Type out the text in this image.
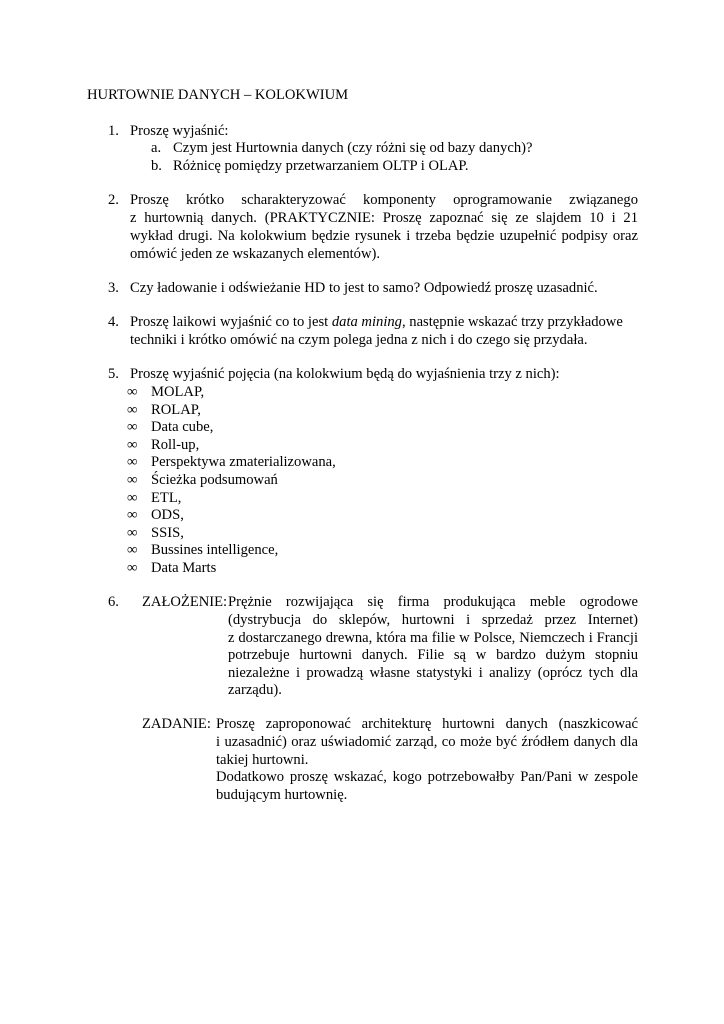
HURTOWNIE DANYCH – KOLOKWIUM
1. Proszę wyjaśnić:
a. Czym jest Hurtownia danych (czy różni się od bazy danych)?
b. Różnicę pomiędzy przetwarzaniem OLTP i OLAP.
2. Proszę krótko scharakteryzować komponenty oprogramowanie związanego
z hurtownią danych. (PRAKTYCZNIE: Proszę zapoznać się ze slajdem 10 i 21
wykład drugi. Na kolokwium będzie rysunek i trzeba będzie uzupełnić podpisy oraz
omówić jeden ze wskazanych elementów).
3. Czy ładowanie i odświeżanie HD to jest to samo? Odpowiedź proszę uzasadnić.
4. Proszę laikowi wyjaśnić co to jest data mining, następnie wskazać trzy przykładowe
techniki i krótko omówić na czym polega jedna z nich i do czego się przydała.
5. Proszę wyjaśnić pojęcia (na kolokwium będą do wyjaśnienia trzy z nich):
∞ MOLAP,
∞ ROLAP,
∞ Data cube,
∞ Roll-up,
∞ Perspektywa zmaterializowana,
∞ Ścieżka podsumowań
∞ ETL,
∞ ODS,
∞ SSIS,
∞ Bussines intelligence,
∞ Data Marts
6. ZAŁOŻENIE: Prężnie rozwijająca się firma produkująca meble ogrodowe
(dystrybucja do sklepów, hurtowni i sprzedaż przez Internet)
z dostarczanego drewna, która ma filie w Polsce, Niemczech i Francji
potrzebuje hurtowni danych. Filie są w bardzo dużym stopniu
niezależne i prowadzą własne statystyki i analizy (oprócz tych dla
zarządu).
ZADANIE: Proszę zaproponować architekturę hurtowni danych (naszkicować
i uzasadnić) oraz uświadomić zarząd, co może być źródłem danych dla
takiej hurtowni.
Dodatkowo proszę wskazać, kogo potrzebowałby Pan/Pani w zespole
budującym hurtownię.
